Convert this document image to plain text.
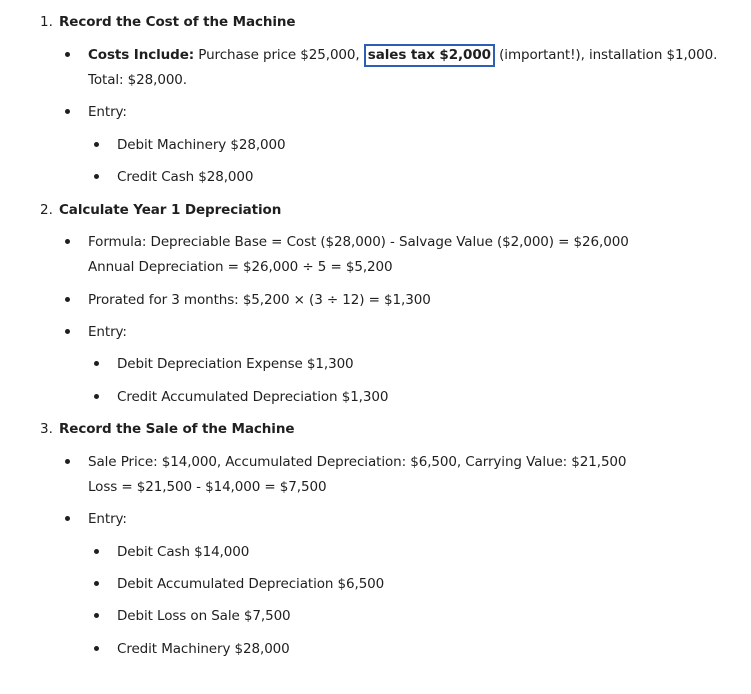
1. Record the Cost of the Machine
Costs Include: Purchase price $25,000, sales tax $2,000 (important!), installation $1,000.
Total: $28,000.
Entry:
Debit Machinery $28,000
Credit Cash $28,000
2. Calculate Year 1 Depreciation
Formula: Depreciable Base = Cost ($28,000) - Salvage Value ($2,000) = $26,000
Annual Depreciation = $26,000 ÷ 5 = $5,200
Prorated for 3 months: $5,200 × (3 ÷ 12) = $1,300
Entry:
Debit Depreciation Expense $1,300
Credit Accumulated Depreciation $1,300
3. Record the Sale of the Machine
Sale Price: $14,000, Accumulated Depreciation: $6,500, Carrying Value: $21,500
Loss = $21,500 - $14,000 = $7,500
Entry:
Debit Cash $14,000
Debit Accumulated Depreciation $6,500
Debit Loss on Sale $7,500
Credit Machinery $28,000
